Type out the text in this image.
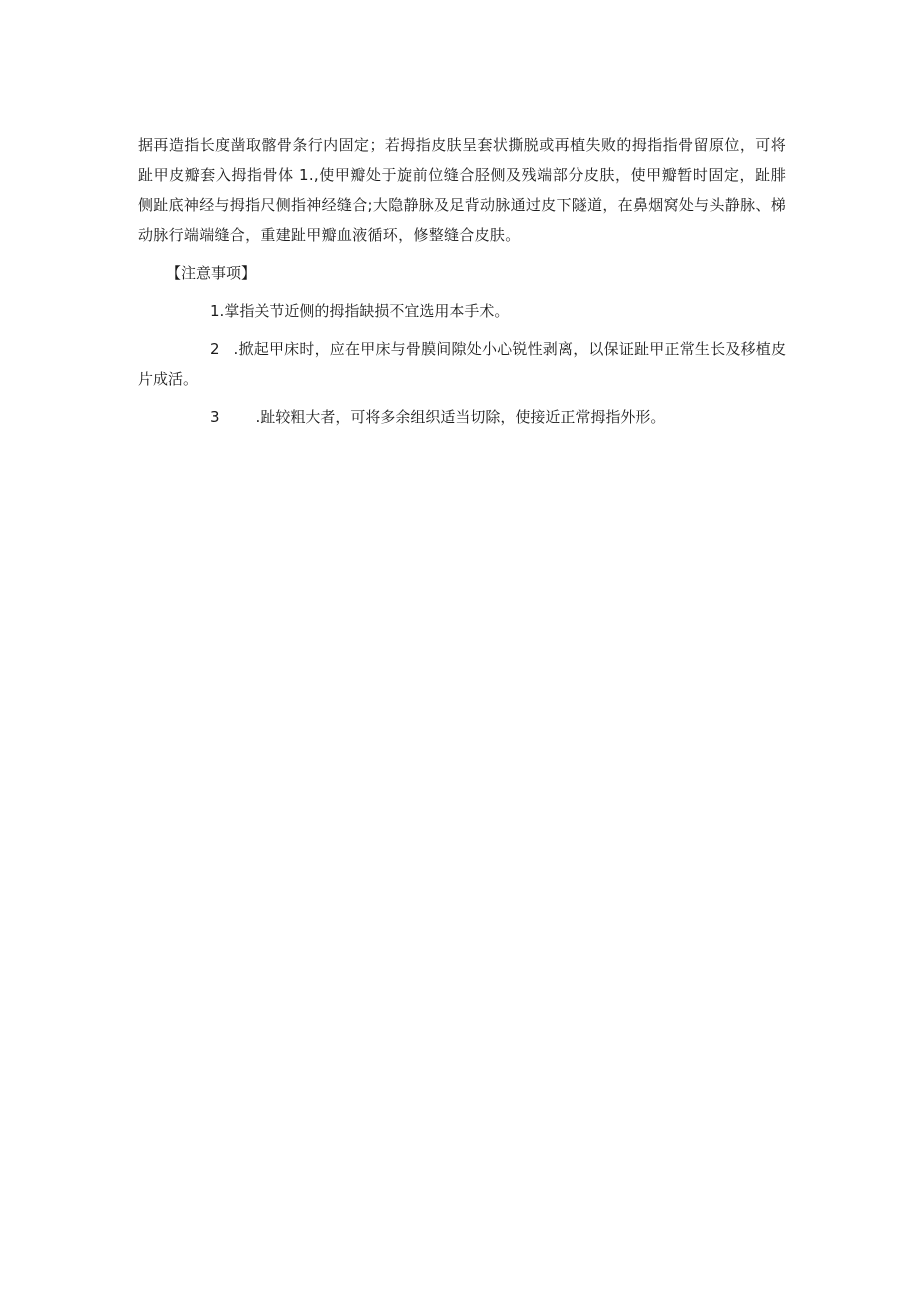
据再造指长度凿取髂骨条行内固定；若拇指皮肤呈套状撕脱或再植失败的拇指指骨留原位，可将趾甲皮瓣套入拇指骨体 1.,使甲瓣处于旋前位缝合胫侧及残端部分皮肤，使甲瓣暂时固定，趾腓侧趾底神经与拇指尺侧指神经缝合;大隐静脉及足背动脉通过皮下隧道，在鼻烟窝处与头静脉、梯动脉行端端缝合，重建趾甲瓣血液循环，修整缝合皮肤。

【注意事项】

1.掌指关节近侧的拇指缺损不宜选用本手术。

2 .掀起甲床时，应在甲床与骨膜间隙处小心锐性剥离，以保证趾甲正常生长及移植皮片成活。

3 .趾较粗大者，可将多余组织适当切除，使接近正常拇指外形。
